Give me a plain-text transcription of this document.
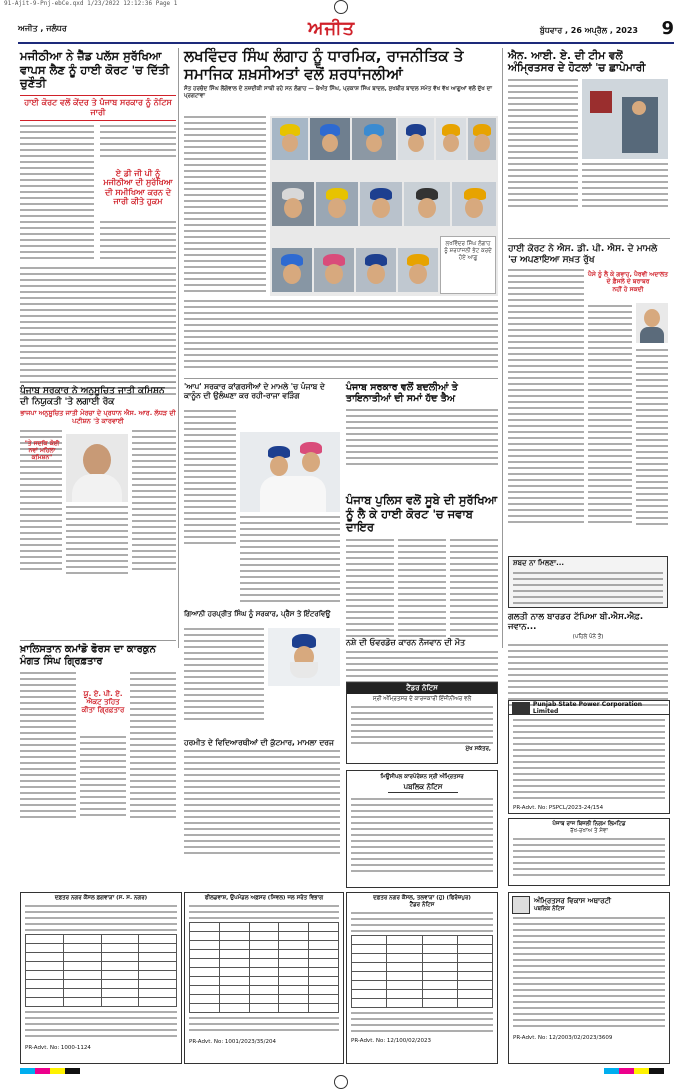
91-Ajit-9-Pnj-ebCe.qxd 1/23/2022 12:12:36 Page 1
ਅਜੀਤ , ਜਲੰਧਰ	ਅਜੀਤ	ਬੁੱਧਵਾਰ , 26 ਅਪ੍ਰੈਲ , 2023 9
ਮਜੀਠੀਆ ਨੇ ਜ਼ੈੱਡ ਪਲੱਸ ਸੁਰੱਖਿਆ ਵਾਪਸ ਲੈਣ ਨੂੰ ਹਾਈ ਕੋਰਟ 'ਚ ਦਿੱਤੀ ਚੁਣੌਤੀ
ਹਾਈ ਕੋਰਟ ਵਲੋਂ ਕੇਂਦਰ ਤੇ ਪੰਜਾਬ ਸਰਕਾਰ ਨੂੰ ਨੋਟਿਸ ਜਾਰੀ
ਏ ਡੀ ਜੀ ਪੀ ਨੂੰ ਮਜੀਠੀਆ ਦੀ ਸੁਰੱਖਿਆ ਦੀ ਸਮੀਖਿਆ ਕਰਨ ਦੇ ਜਾਰੀ ਕੀਤੇ ਹੁਕਮ
ਪੰਜਾਬ ਸਰਕਾਰ ਨੇ ਅਨੁਸੂਚਿਤ ਜਾਤੀ ਕਮਿਸ਼ਨ ਦੀ ਨਿਯੁਕਤੀ 'ਤੇ ਲਗਾਈ ਰੋਕ
ਭਾਜਪਾ ਅਨੁਸੂਚਿਤ ਜਾਤੀ ਮੋਰਚਾ ਦੇ ਪ੍ਰਧਾਨ ਐਸ. ਆਰ. ਲੱਧੜ ਦੀ ਪਟੀਸ਼ਨ 'ਤੇ ਕਾਰਵਾਈ
"ਤੇ ਜਦਕਿ ਕੋਈ ਨਵਾਂ ਮਹਿਲਾ ਕਮਿਸ਼ਨ"
ਖ਼ਾਲਿਸਤਾਨ ਕਮਾਂਡੋ ਫੋਰਸ ਦਾ ਕਾਰਕੁਨ ਮੰਗਤ ਸਿੰਘ ਗ੍ਰਿਫ਼ਤਾਰ
ਯੂ. ਏ. ਪੀ. ਏ. ਐਕਟ ਤਹਿਤ ਕੀਤਾ ਗ੍ਰਿਫ਼ਤਾਰ
ਲਖਵਿੰਦਰ ਸਿੰਘ ਲੰਗਾਹ ਨੂੰ ਧਾਰਮਿਕ, ਰਾਜਨੀਤਿਕ ਤੇ ਸਮਾਜਿਕ ਸ਼ਖ਼ਸੀਅਤਾਂ ਵਲੋਂ ਸ਼ਰਧਾਂਜਲੀਆਂ
ਸੰਤ ਹਰਚੰਦ ਸਿੰਘ ਲੌਂਗੋਵਾਲ ਦੇ ਨਜ਼ਦੀਕੀ ਸਾਥੀ ਰਹੇ ਸਨ ਲੰਗਾਹ — ਬੇਅੰਤ ਸਿੰਘ, ਪ੍ਰਕਾਸ਼ ਸਿੰਘ ਬਾਦਲ, ਸੁਖਬੀਰ ਬਾਦਲ ਸਮੇਤ ਵੱਖ ਵੱਖ ਆਗੂਆਂ ਵਲੋਂ ਦੁੱਖ ਦਾ ਪ੍ਰਗਟਾਵਾ
ਲਖਵਿੰਦਰ ਸਿੰਘ ਲੰਗਾਹ ਨੂੰ ਸ਼ਰਧਾਂਜਲੀ ਭੇਟ ਕਰਦੇ ਹੋਏ ਆਗੂ
'ਆਪ' ਸਰਕਾਰ ਕਾਂਗਰਸੀਆਂ ਦੇ ਮਾਮਲੇ 'ਚ ਪੰਜਾਬ ਦੇ ਕਾਨੂੰਨ ਦੀ ਉਲੰਘਣਾ ਕਰ ਰਹੀ-ਰਾਜਾ ਵੜਿੰਗ
ਗਿਆਨੀ ਹਰਪ੍ਰੀਤ ਸਿੰਘ ਨੂੰ ਸਰਕਾਰ, ਪ੍ਰੈੱਸ ਤੇ ਇੰਟਰਵਿਊ
ਹਰਮੀਤ ਦੇ ਵਿਦਿਆਰਥੀਆਂ ਦੀ ਕੁੱਟਮਾਰ, ਮਾਮਲਾ ਦਰਜ
ਪੰਜਾਬ ਸਰਕਾਰ ਵਲੋਂ ਬਦਲੀਆਂ ਤੇ ਤਾਇਨਾਤੀਆਂ ਦੀ ਸਮਾਂ ਹੱਦ ਤੈਅ
ਪੰਜਾਬ ਪੁਲਿਸ ਵਲੋਂ ਸੂਬੇ ਦੀ ਸੁਰੱਖਿਆ ਨੂੰ ਲੈ ਕੇ ਹਾਈ ਕੋਰਟ 'ਚ ਜਵਾਬ ਦਾਇਰ
ਨਸ਼ੇ ਦੀ ਓਵਰਡੋਜ਼ ਕਾਰਨ ਨੌਜਵਾਨ ਦੀ ਮੌਤ
ਟੈਂਡਰ ਨੋਟਿਸ
ਸ੍ਰੀ ਅੰਮ੍ਰਿਤਸਰ ਦੇ ਕਾਰਜਕਾਰੀ ਇੰਜੀਨੀਅਰ ਵਲੋਂ
ਮੁੱਖ ਸਕੱਤਰ,
ਮਿਊਂਸੀਪਲ ਕਾਰਪੋਰੇਸ਼ਨ ਸ੍ਰੀ ਅੰਮ੍ਰਿਤਸਰ
ਪਬਲਿਕ ਨੋਟਿਸ
ਐਨ. ਆਈ. ਏ. ਦੀ ਟੀਮ ਵਲੋਂ ਅੰਮ੍ਰਿਤਸਰ ਦੇ ਹੋਟਲਾਂ 'ਚ ਛਾਪੇਮਾਰੀ
ਹਾਈ ਕੋਰਟ ਨੇ ਐਸ. ਡੀ. ਪੀ. ਐਸ. ਦੇ ਮਾਮਲੇ 'ਚ ਅਪਣਾਇਆ ਸਖ਼ਤ ਰੁੱਖ
ਪੈਸੇ ਨੂੰ ਲੈ ਕੇ ਗਵਾਹ, ਪੈਰਵੀ ਅਦਾਲਤ ਦੇ ਫ਼ੈਸਲੇ ਦੇ ਬਰਾਬਰ
ਨਹੀਂ ਹੋ ਸਕਦੀ
ਸ਼ਬਦ ਨਾ ਮਿਲਣਾ...
ਗਲਤੀ ਨਾਲ ਬਾਰਡਰ ਟੱਪਿਆ ਬੀ.ਐਸ.ਐਫ਼. ਜਵਾਨ...
(ਪਹਿਲੇ ਪੰਨੇ ਤੋਂ)
Punjab State Power Corporation Limited
PR-Advt. No: PSPCL/2023-24/154
ਪੰਜਾਬ ਰਾਜ ਬਿਜਲੀ ਨਿਗਮ ਲਿਮਟਿਡ
ਰੱਖ-ਰਖਾਅ ਤੇ ਸੇਵਾ
ਦਫ਼ਤਰ ਨਗਰ ਕੌਂਸਲ ਫ਼ਗਵਾੜਾ (ਸ. ਸ. ਨਗਰ)

PR-Advt. No: 1000-1124
ਫੀਲਡਵਾਸ਼, ਉਪਮੰਡਲ ਅਫ਼ਸਰ (ਸਿਵਲ) ਜਲ ਸਰੋਤ ਵਿਭਾਗ

PR-Advt. No: 1001/2023/35/204
ਦਫ਼ਤਰ ਨਗਰ ਕੌਂਸਲ, ਤਲਵਾੜਾ (ਹੁ) (ਫਿਰੋਜ਼ਪੁਰ)
ਟੈਂਡਰ ਨੋਟਿਸ

PR-Advt. No: 12/100/02/2023
ਅੰਮ੍ਰਿਤਸਰ ਵਿਕਾਸ ਅਥਾਰਟੀ
ਪਬਲਿਕ ਨੋਟਿਸ
PR-Advt. No: 12/2003/02/2023/3609
